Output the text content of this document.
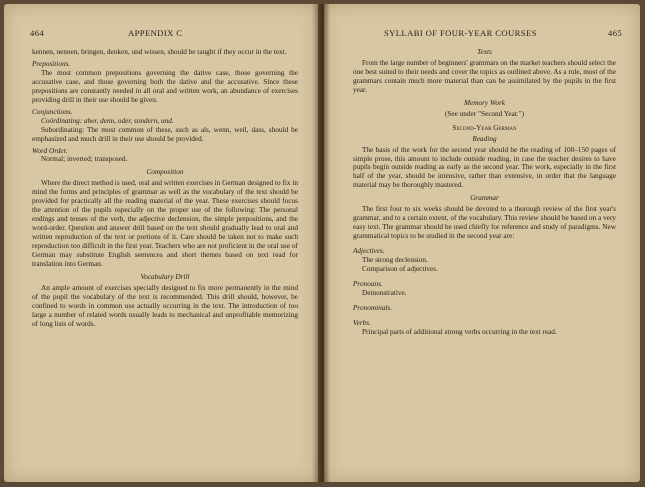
464	APPENDIX C

kennen, nennen, bringen, denken, und wissen, should be taught if they occur in the text.

Prepositions.

The most common prepositions governing the dative case, those governing the accusative case, and those governing both the dative and the accusative. Since these prepositions are constantly needed in all oral and written work, an abundance of exercises providing drill in their use should be given.

Conjunctions.

Coördinating: aber, denn, oder, sondern, und.

Subordinating: The most common of these, such as als, wenn, weil, dass, should be emphasized and much drill in their use should be provided.

Word Order.

Normal; inverted; transposed.

Composition

Where the direct method is used, oral and written exercises in German designed to fix in mind the forms and principles of grammar as well as the vocabulary of the text should be provided for practically all the reading material of the year. These exercises should focus the attention of the pupils especially on the proper use of the following: The personal endings and tenses of the verb, the adjective declension, the simple prepositions, and the word-order. Question and answer drill based on the text should gradually lead to oral and written reproduction of the text or portions of it. Care should be taken not to make such reproduction too difficult in the first year. Teachers who are not proficient in the oral use of German may substitute English sentences and short themes based on text read for translation into German.

Vocabulary Drill

An ample amount of exercises specially designed to fix more permanently in the mind of the pupil the vocabulary of the text is recommended. This drill should, however, be confined to words in common use actually occurring in the text. The introduction of too large a number of related words usually leads to mechanical and unprofitable memorizing of long lists of words.

SYLLABI OF FOUR-YEAR COURSES	465
Texts

From the large number of beginners' grammars on the market teachers should select the one best suited to their needs and cover the topics as outlined above. As a rule, most of the grammars contain much more material than can be assimilated by the pupils in the first year.

Memory Work
(See under "Second Year.")
Second-Year German
Reading

The basis of the work for the second year should be the reading of 100–150 pages of simple prose, this amount to include outside reading, in case the teacher desires to have pupils begin outside reading as early as the second year. The work, especially in the first half of the year, should be intensive, rather than extensive, in order that the language material may be thoroughly mastered.

Grammar

The first four to six weeks should be devoted to a thorough review of the first year's grammar, and to a certain extent, of the vocabulary. This review should be based on a very easy text. The grammar should be used chiefly for reference and study of paradigms. New grammatical topics to be studied in the second year are:

Adjectives.

The strong declension.

Comparison of adjectives.

Pronouns.

Demonstrative.

Pronominals.
Verbs.

Principal parts of additional strong verbs occurring in the text read.
